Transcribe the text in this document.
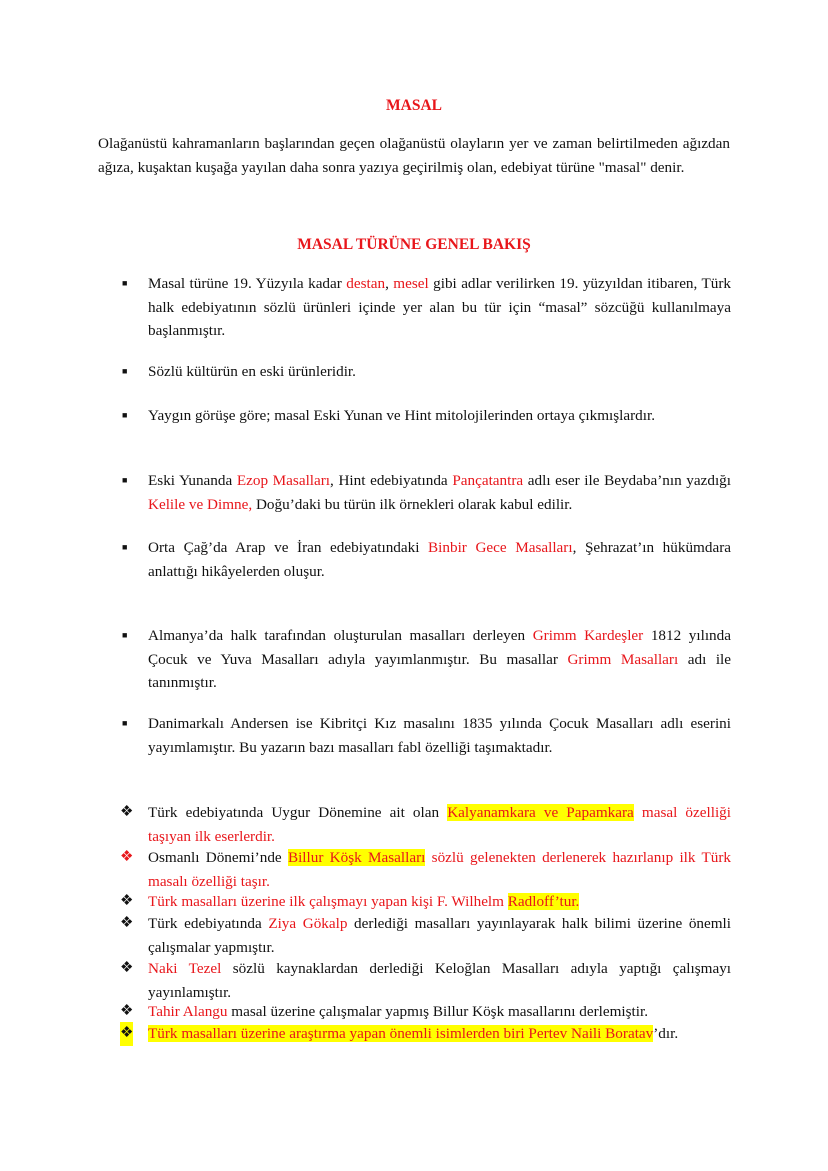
MASAL
Olağanüstü kahramanların başlarından geçen olağanüstü olayların yer ve zaman belirtilmeden ağızdan ağıza, kuşaktan kuşağa yayılan daha sonra yazıya geçirilmiş olan, edebiyat türüne "masal" denir.
MASAL TÜRÜNE GENEL BAKIŞ
■ Masal türüne 19. Yüzyıla kadar destan, mesel gibi adlar verilirken 19. yüzyıldan itibaren, Türk halk edebiyatının sözlü ürünleri içinde yer alan bu tür için “masal” sözcüğü kullanılmaya başlanmıştır.
■ Sözlü kültürün en eski ürünleridir.
■ Yaygın görüşe göre; masal Eski Yunan ve Hint mitolojilerinden ortaya çıkmışlardır.
■ Eski Yunanda Ezop Masalları, Hint edebiyatında Pançatantra adlı eser ile Beydaba’nın yazdığı Kelile ve Dimne, Doğu’daki bu türün ilk örnekleri olarak kabul edilir.
■ Orta Çağ’da Arap ve İran edebiyatındaki Binbir Gece Masalları, Şehrazat’ın hükümdara anlattığı hikâyelerden oluşur.
■ Almanya’da halk tarafından oluşturulan masalları derleyen Grimm Kardeşler 1812 yılında Çocuk ve Yuva Masalları adıyla yayımlanmıştır. Bu masallar Grimm Masalları adı ile tanınmıştır.
■ Danimarkalı Andersen ise Kibritçi Kız masalını 1835 yılında Çocuk Masalları adlı eserini yayımlamıştır. Bu yazarın bazı masalları fabl özelliği taşımaktadır.
❖ Türk edebiyatında Uygur Dönemine ait olan Kalyanamkara ve Papamkara masal özelliği taşıyan ilk eserlerdir.
❖ Osmanlı Dönemi’nde Billur Köşk Masalları sözlü gelenekten derlenerek hazırlanıp ilk Türk masalı özelliği taşır.
❖ Türk masalları üzerine ilk çalışmayı yapan kişi F. Wilhelm Radloff’tur.
❖ Türk edebiyatında Ziya Gökalp derlediği masalları yayınlayarak halk bilimi üzerine önemli çalışmalar yapmıştır.
❖ Naki Tezel sözlü kaynaklardan derlediği Keloğlan Masalları adıyla yaptığı çalışmayı yayınlamıştır.
❖ Tahir Alangu masal üzerine çalışmalar yapmış Billur Köşk masallarını derlemiştir.
❖ Türk masalları üzerine araştırma yapan önemli isimlerden biri Pertev Naili Boratav’dır.
